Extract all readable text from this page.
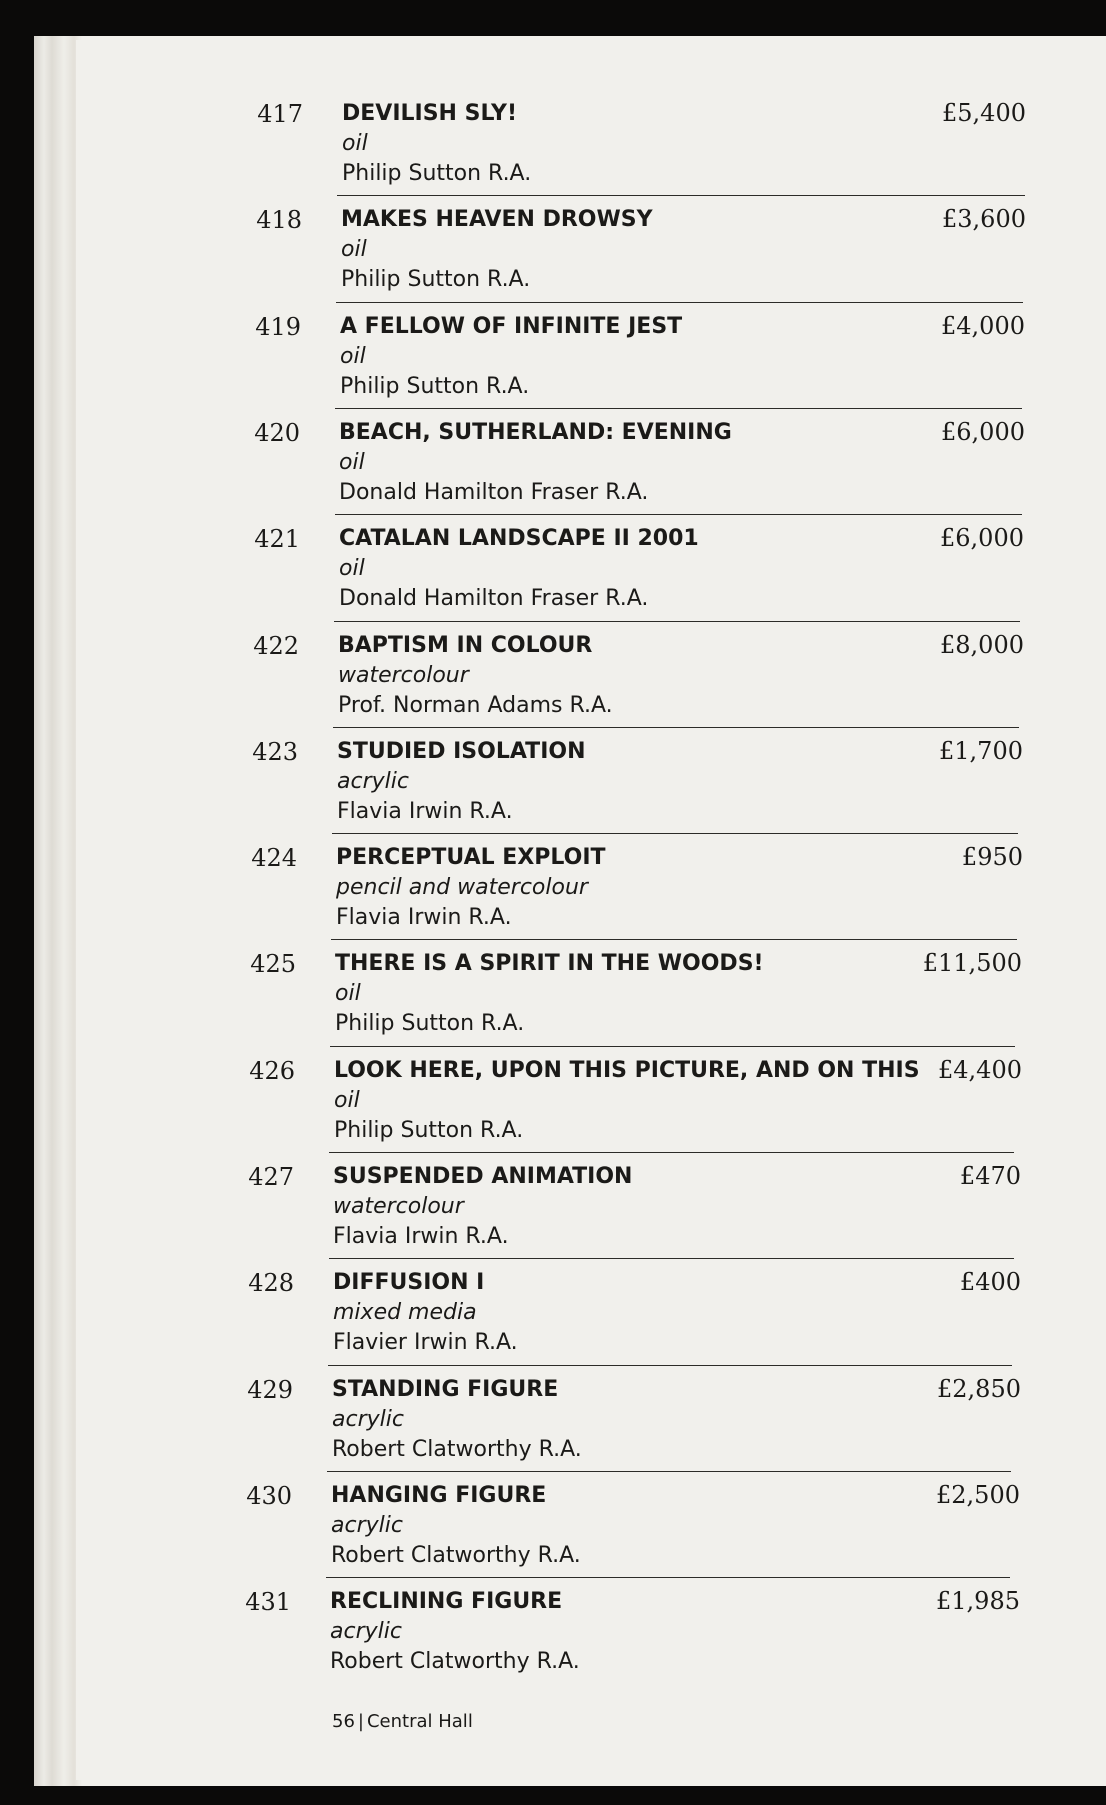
417 DEVILISH SLY!
oil
Philip Sutton R.A.
£5,400
418 MAKES HEAVEN DROWSY
oil
Philip Sutton R.A.
£3,600
419 A FELLOW OF INFINITE JEST
oil
Philip Sutton R.A.
£4,000
420 BEACH, SUTHERLAND: EVENING
oil
Donald Hamilton Fraser R.A.
£6,000
421 CATALAN LANDSCAPE II 2001
oil
Donald Hamilton Fraser R.A.
£6,000
422 BAPTISM IN COLOUR
watercolour
Prof. Norman Adams R.A.
£8,000
423 STUDIED ISOLATION
acrylic
Flavia Irwin R.A.
£1,700
424 PERCEPTUAL EXPLOIT
pencil and watercolour
Flavia Irwin R.A.
£950
425 THERE IS A SPIRIT IN THE WOODS!
oil
Philip Sutton R.A.
£11,500
426 LOOK HERE, UPON THIS PICTURE, AND ON THIS
oil
Philip Sutton R.A.
£4,400
427 SUSPENDED ANIMATION
watercolour
Flavia Irwin R.A.
£470
428 DIFFUSION I
mixed media
Flavier Irwin R.A.
£400
429 STANDING FIGURE
acrylic
Robert Clatworthy R.A.
£2,850
430 HANGING FIGURE
acrylic
Robert Clatworthy R.A.
£2,500
431 RECLINING FIGURE
acrylic
Robert Clatworthy R.A.
£1,985
56 | Central Hall
